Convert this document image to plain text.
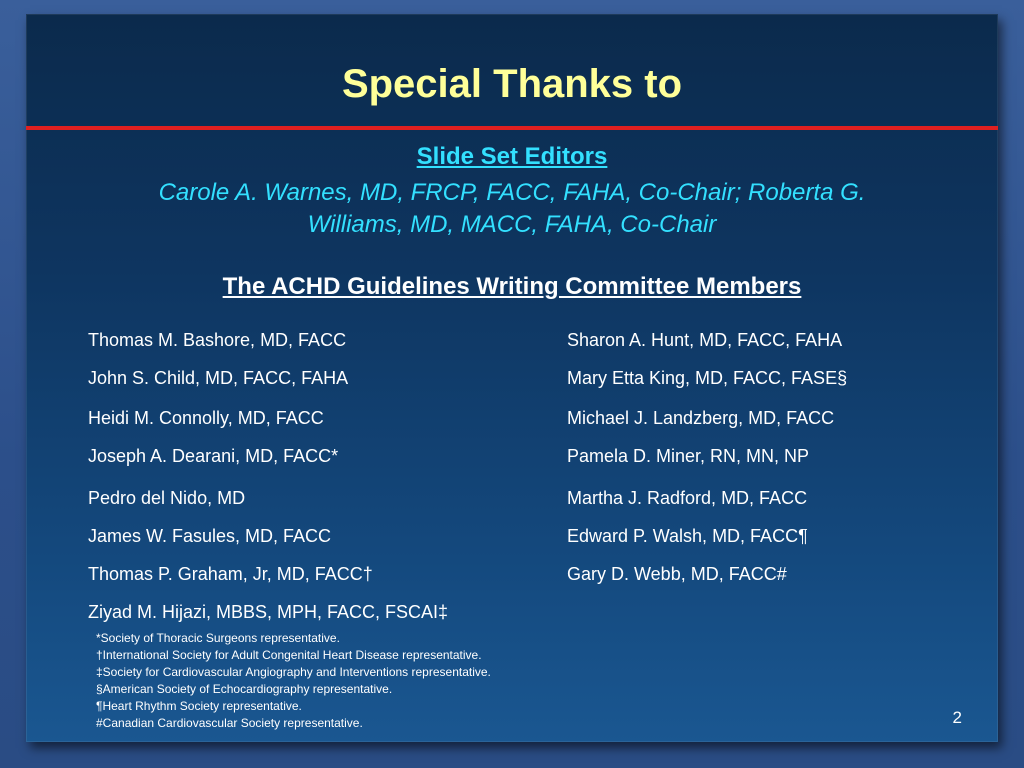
Special Thanks to
Slide Set Editors
Carole A. Warnes, MD, FRCP, FACC, FAHA, Co-Chair; Roberta G.
Williams, MD, MACC, FAHA, Co-Chair
The ACHD Guidelines Writing Committee Members
Thomas M. Bashore, MD, FACC
John S. Child, MD, FACC, FAHA
Heidi M. Connolly, MD, FACC
Joseph A. Dearani, MD, FACC*
Pedro del Nido, MD
James W. Fasules, MD, FACC
Thomas P. Graham, Jr, MD, FACC†
Ziyad M. Hijazi, MBBS, MPH, FACC, FSCAI‡
Sharon A. Hunt, MD, FACC, FAHA
Mary Etta King, MD, FACC, FASE§
Michael J. Landzberg, MD, FACC
Pamela D. Miner, RN, MN, NP
Martha J. Radford, MD, FACC
Edward P. Walsh, MD, FACC¶
Gary D. Webb, MD, FACC#
*Society of Thoracic Surgeons representative.
†International Society for Adult Congenital Heart Disease representative.
‡Society for Cardiovascular Angiography and Interventions representative.
§American Society of Echocardiography representative.
¶Heart Rhythm Society representative.
#Canadian Cardiovascular Society representative.	2
